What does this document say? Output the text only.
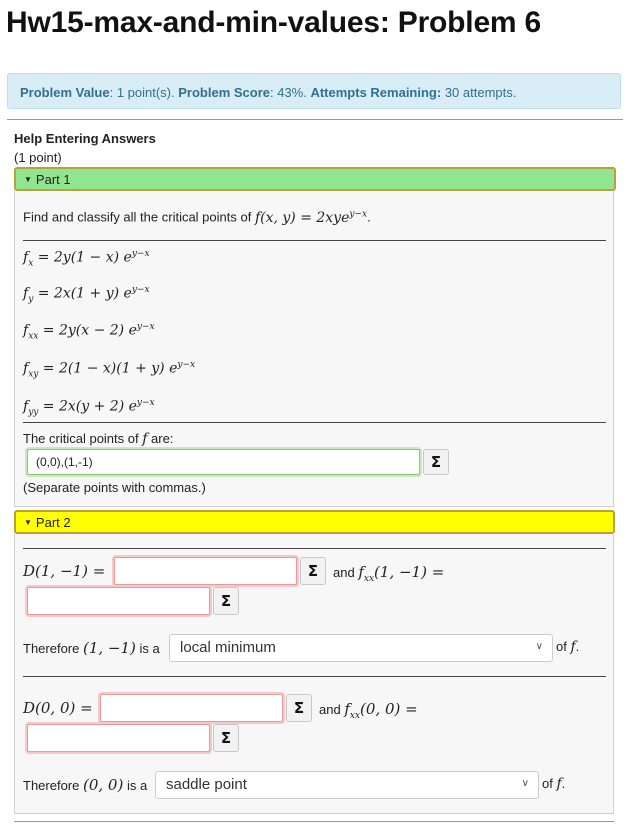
Hw15-max-and-min-values: Problem 6
Problem Value: 1 point(s). Problem Score: 43%. Attempts Remaining: 30 attempts.
Help Entering Answers
(1 point)
▼ Part 1
Find and classify all the critical points of f(x, y) = 2xye$^{y-x}$.
$f_x = 2y(1 - x)$ $e^{y-x}$
$f_y = 2x(1 + y)$ $e^{y-x}$
$f_{xx} = 2y(x - 2)$ $e^{y-x}$
$f_{xy} = 2(1 - x)(1 + y)$ $e^{y-x}$
$f_{yy} = 2x(y + 2)$ $e^{y-x}$
The critical points of f are:
(0,0),(1,-1)
Σ
(Separate points with commas.)
▼ Part 2
D(1, −1) =	Σ	and $f_{xx}(1$, −1) =
Σ
Therefore (1, −1) is a	local minimum	∨ of f.
D(0, 0) =	Σ	and $f_{xx}(0$, 0) =
Σ
Therefore (0, 0) is a	saddle point	∨ of f.
